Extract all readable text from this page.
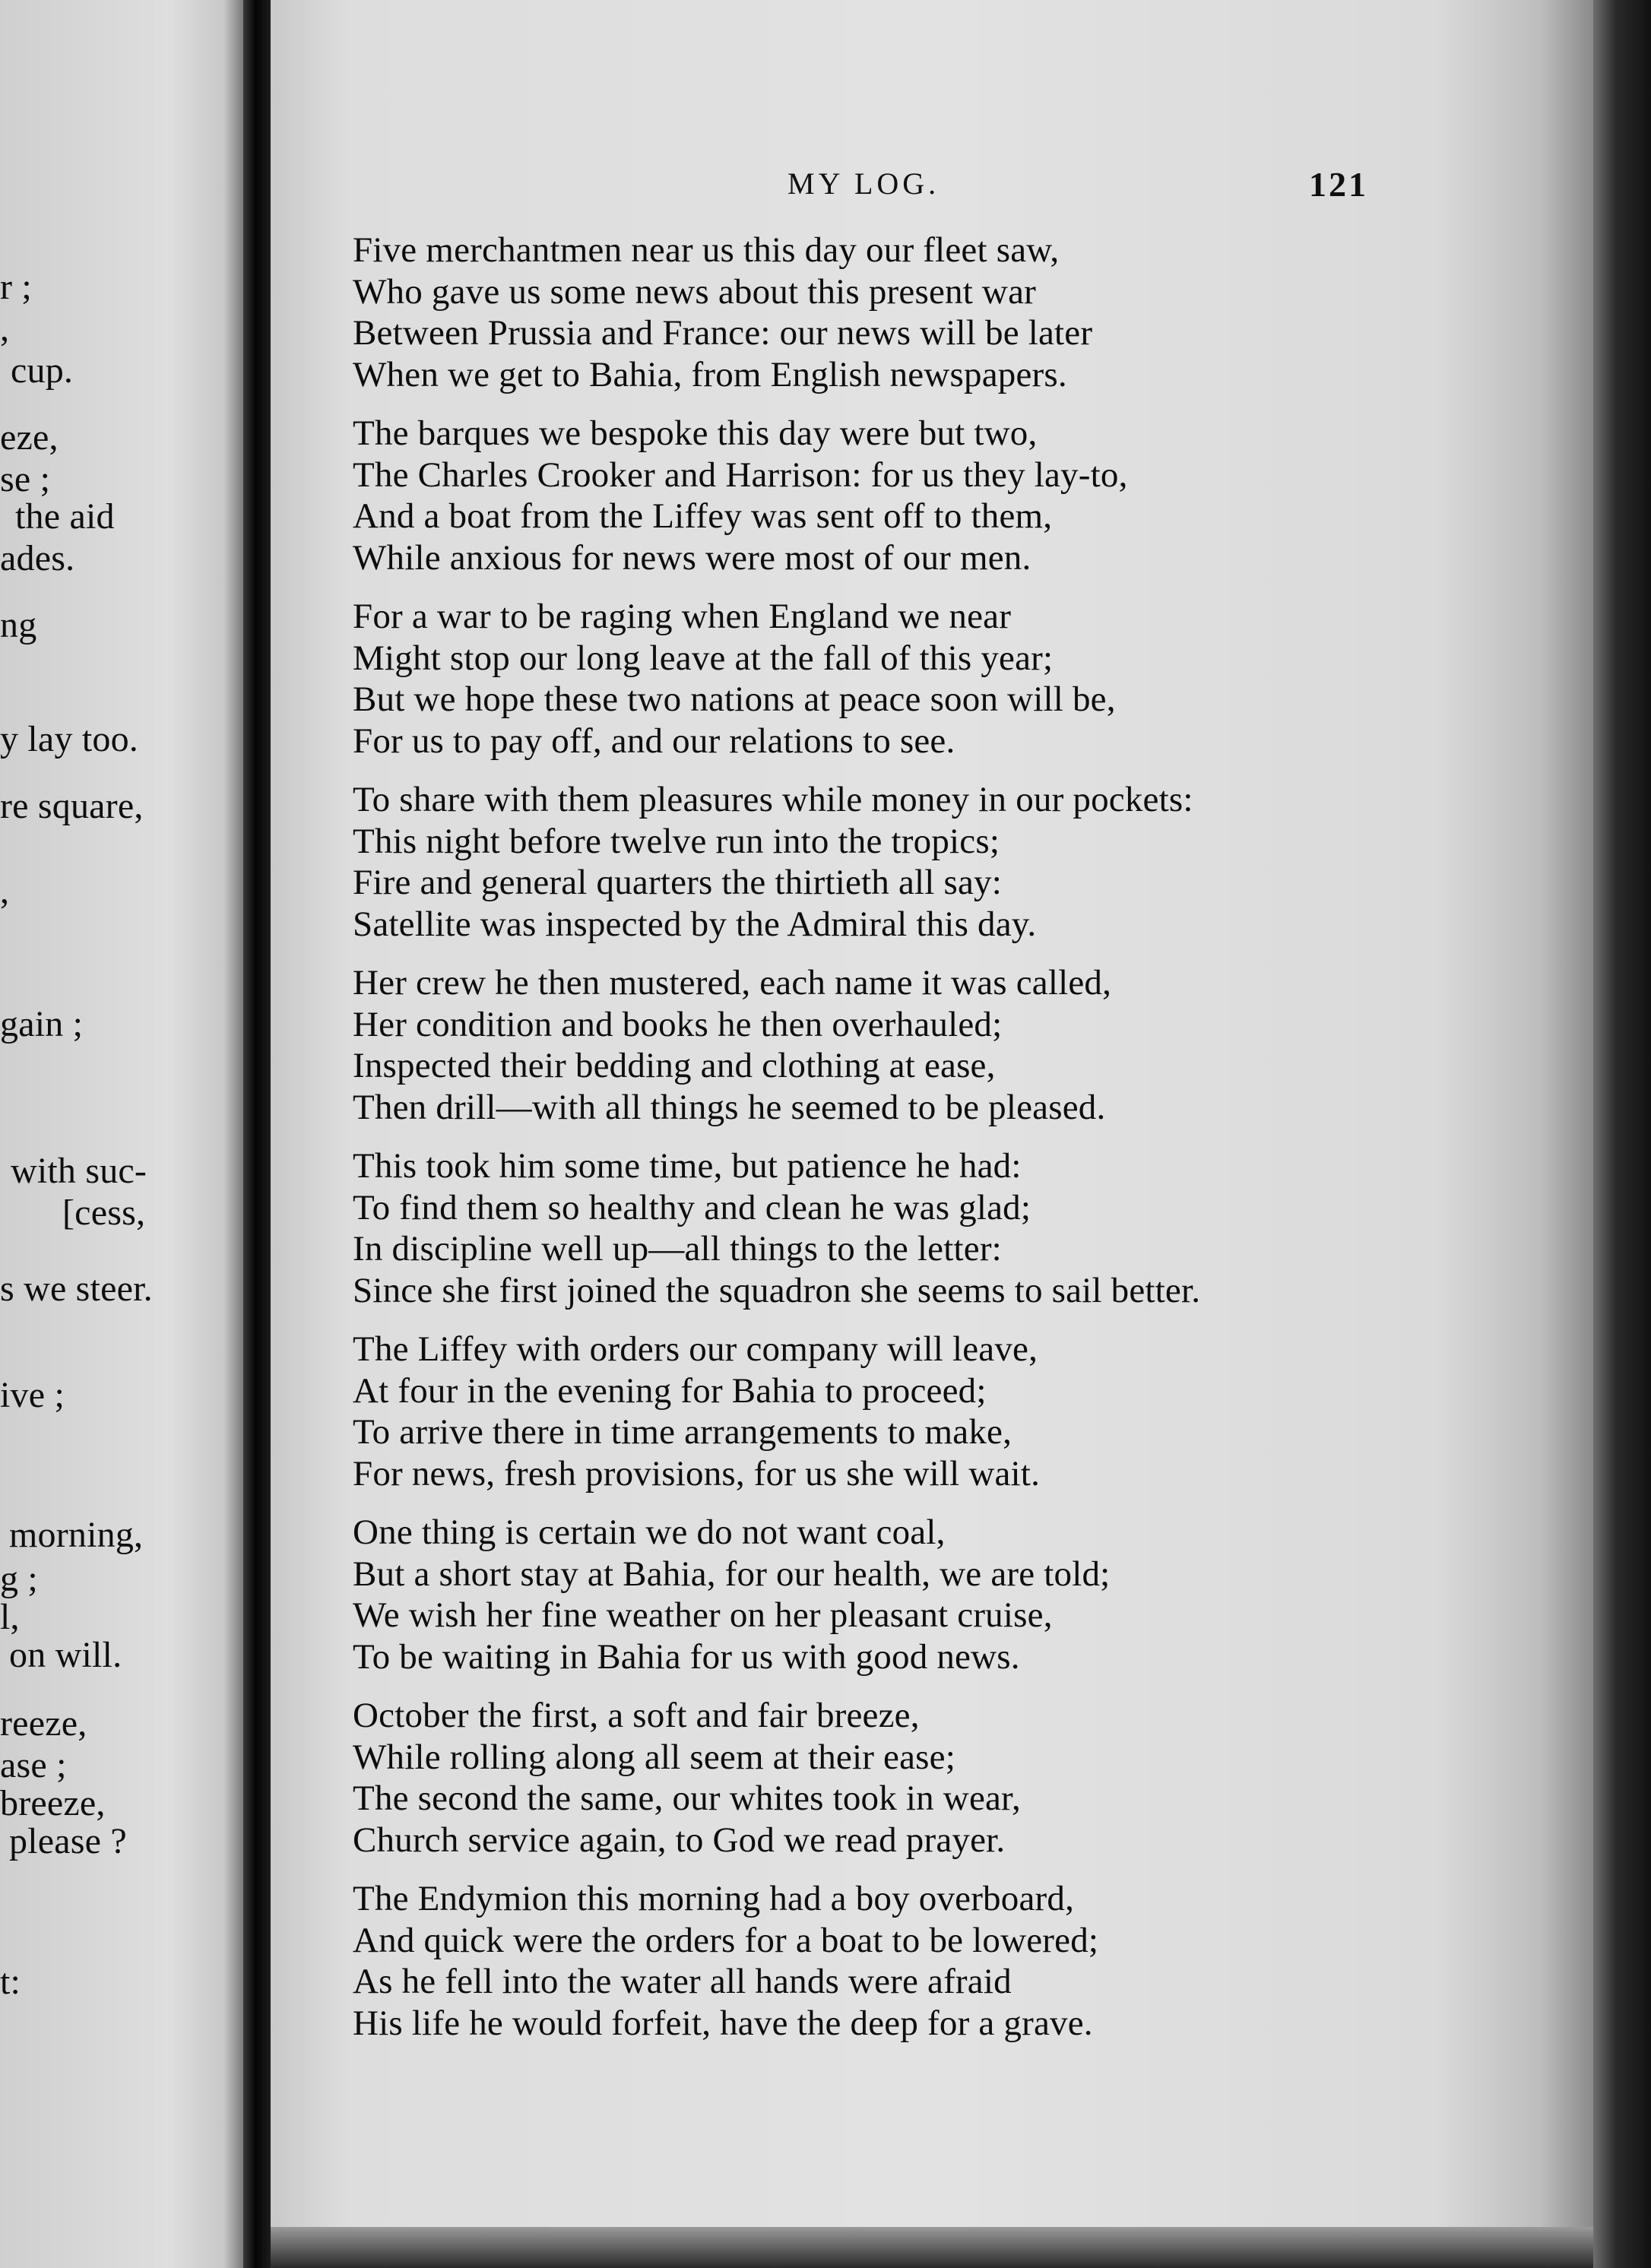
r ;
,
cup.
eze,
se ;
the aid
ades.
ng
y lay too.
re square,
,
gain ;
with suc-
[cess,
s we steer.
ive ;
morning,
g ;
l,
on will.
reeze,
ase ;
breeze,
please ?
t:
MY LOG.	121
Five merchantmen near us this day our fleet saw,
Who gave us some news about this present war
Between Prussia and France: our news will be later
When we get to Bahia, from English newspapers.
The barques we bespoke this day were but two,
The Charles Crooker and Harrison: for us they lay-to,
And a boat from the Liffey was sent off to them,
While anxious for news were most of our men.
For a war to be raging when England we near
Might stop our long leave at the fall of this year;
But we hope these two nations at peace soon will be,
For us to pay off, and our relations to see.
To share with them pleasures while money in our pockets:
This night before twelve run into the tropics;
Fire and general quarters the thirtieth all say:
Satellite was inspected by the Admiral this day.
Her crew he then mustered, each name it was called,
Her condition and books he then overhauled;
Inspected their bedding and clothing at ease,
Then drill—with all things he seemed to be pleased.
This took him some time, but patience he had:
To find them so healthy and clean he was glad;
In discipline well up—all things to the letter:
Since she first joined the squadron she seems to sail better.
The Liffey with orders our company will leave,
At four in the evening for Bahia to proceed;
To arrive there in time arrangements to make,
For news, fresh provisions, for us she will wait.
One thing is certain we do not want coal,
But a short stay at Bahia, for our health, we are told;
We wish her fine weather on her pleasant cruise,
To be waiting in Bahia for us with good news.
October the first, a soft and fair breeze,
While rolling along all seem at their ease;
The second the same, our whites took in wear,
Church service again, to God we read prayer.
The Endymion this morning had a boy overboard,
And quick were the orders for a boat to be lowered;
As he fell into the water all hands were afraid
His life he would forfeit, have the deep for a grave.
